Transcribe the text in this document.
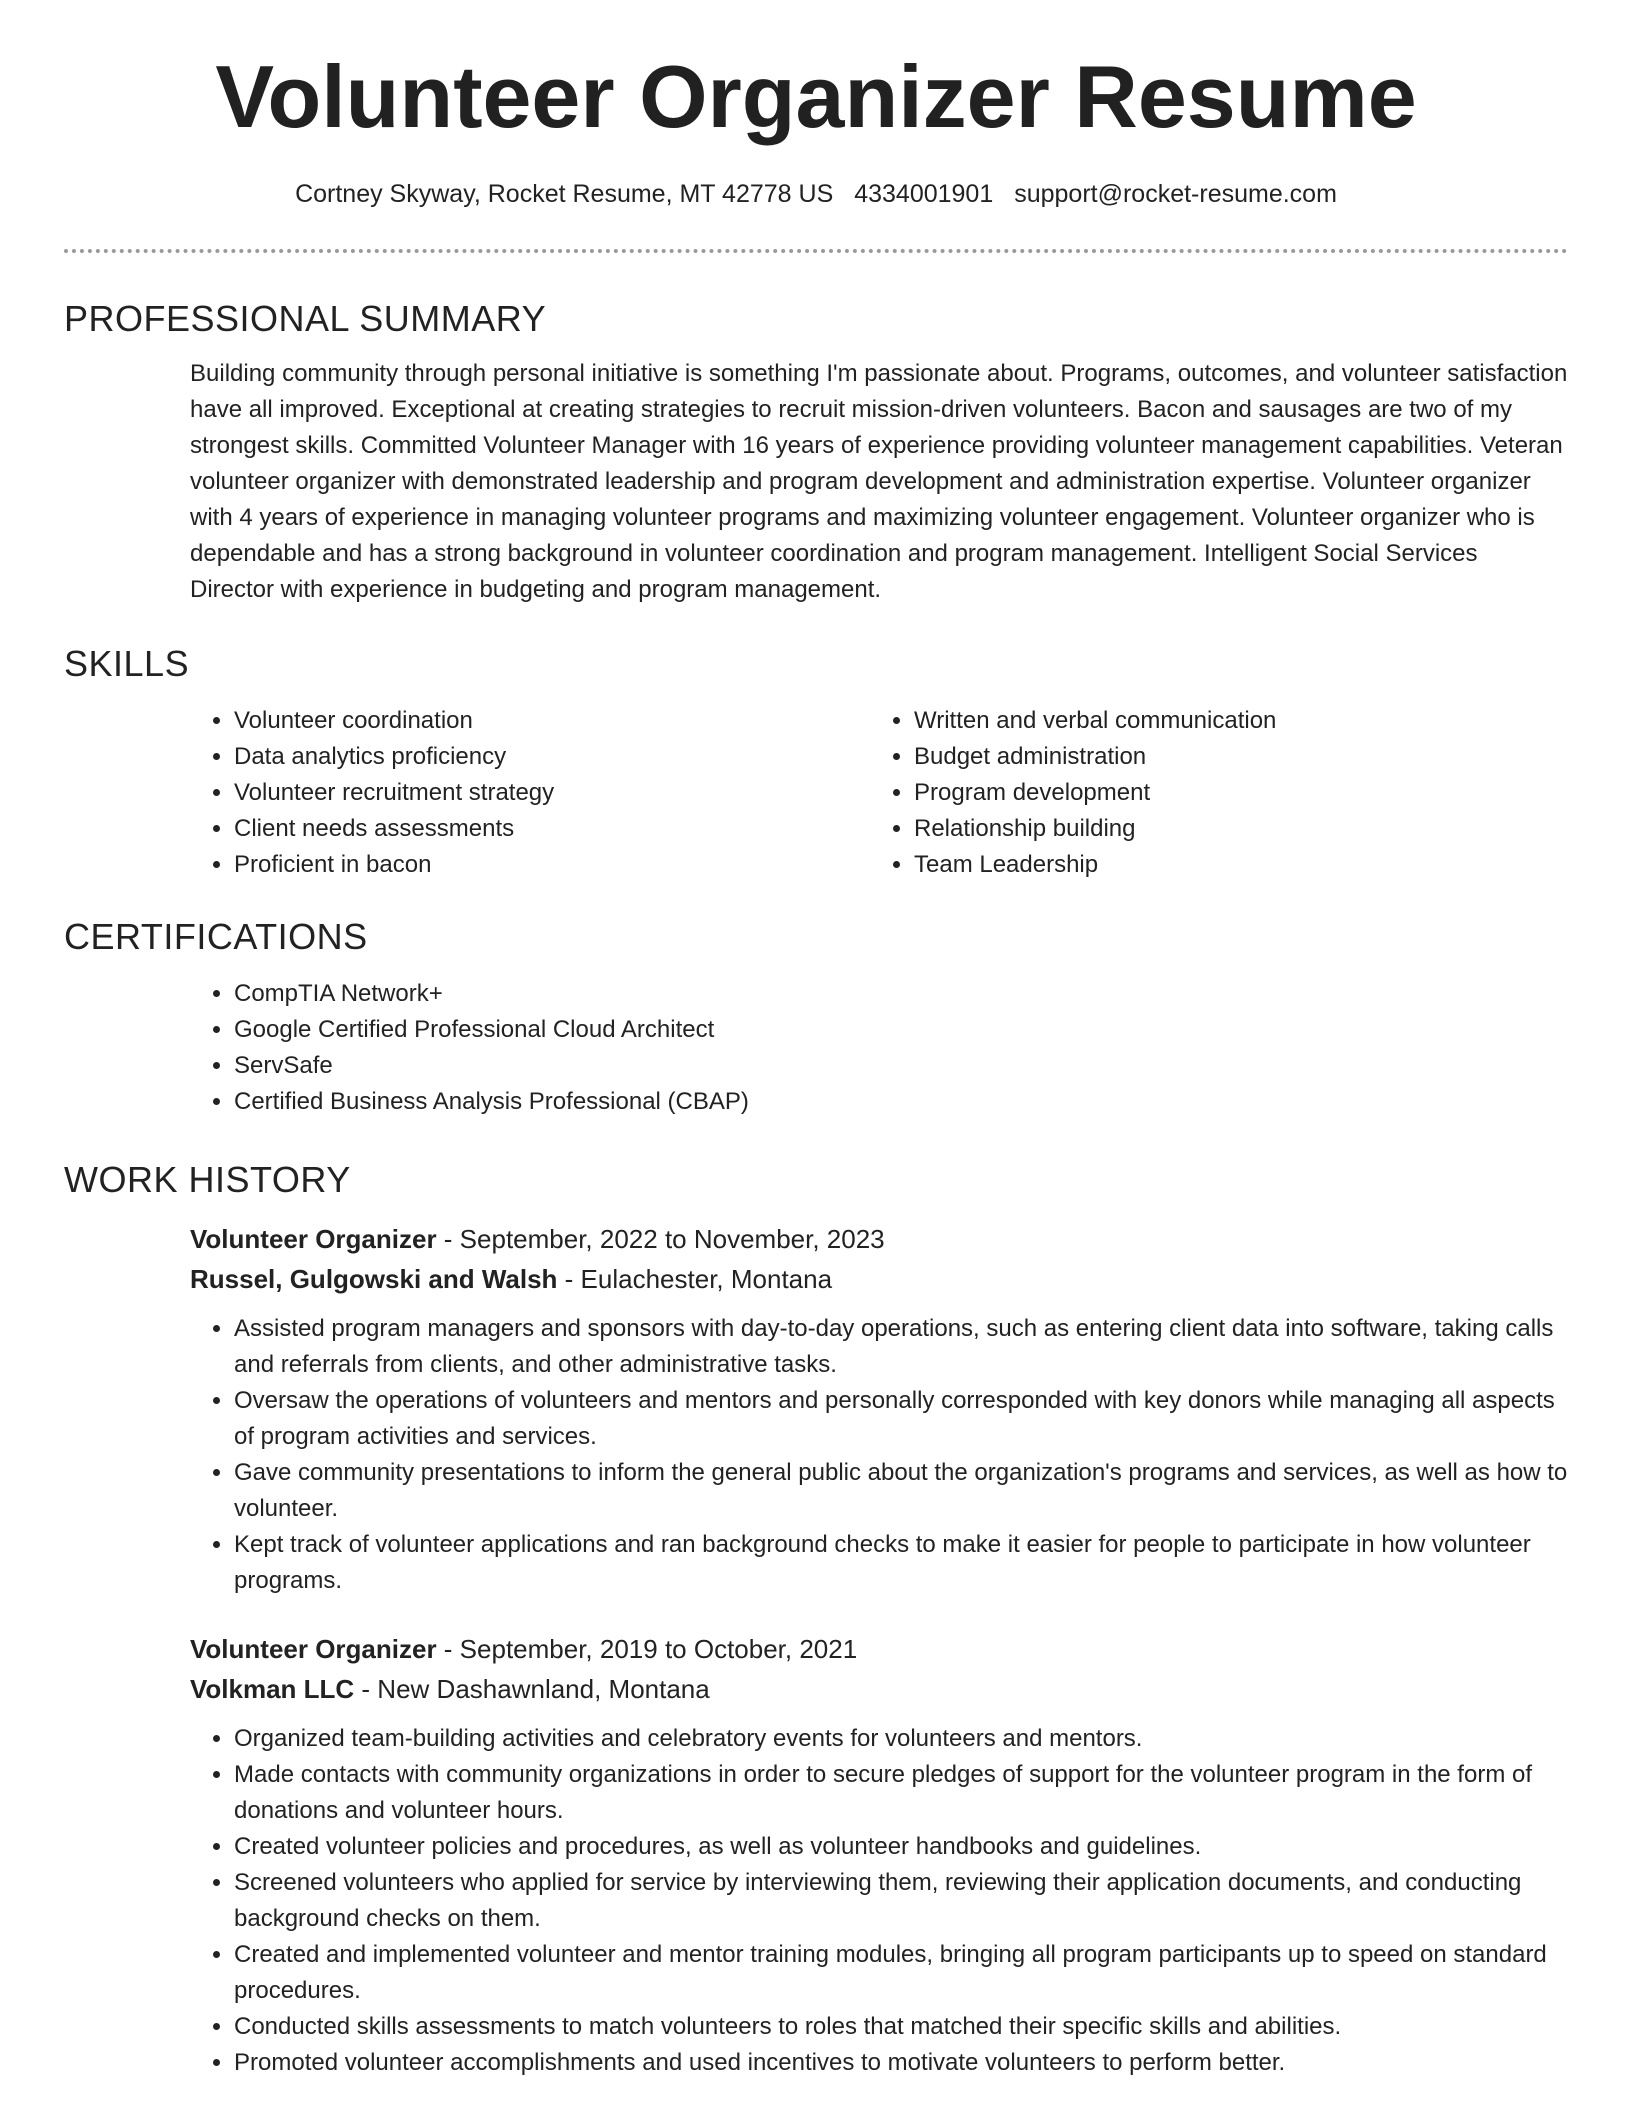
Volunteer Organizer Resume
Cortney Skyway, Rocket Resume, MT 42778 US 4334001901 support@rocket-resume.com
PROFESSIONAL SUMMARY
Building community through personal initiative is something I'm passionate about. Programs, outcomes, and volunteer satisfaction have all improved. Exceptional at creating strategies to recruit mission-driven volunteers. Bacon and sausages are two of my strongest skills. Committed Volunteer Manager with 16 years of experience providing volunteer management capabilities. Veteran volunteer organizer with demonstrated leadership and program development and administration expertise. Volunteer organizer with 4 years of experience in managing volunteer programs and maximizing volunteer engagement. Volunteer organizer who is dependable and has a strong background in volunteer coordination and program management. Intelligent Social Services Director with experience in budgeting and program management.
SKILLS
• Volunteer coordination
• Data analytics proficiency
• Volunteer recruitment strategy
• Client needs assessments
• Proficient in bacon
• Written and verbal communication
• Budget administration
• Program development
• Relationship building
• Team Leadership
CERTIFICATIONS
• CompTIA Network+
• Google Certified Professional Cloud Architect
• ServSafe
• Certified Business Analysis Professional (CBAP)
WORK HISTORY
Volunteer Organizer - September, 2022 to November, 2023
Russel, Gulgowski and Walsh - Eulachester, Montana
• Assisted program managers and sponsors with day-to-day operations, such as entering client data into software, taking calls and referrals from clients, and other administrative tasks.
• Oversaw the operations of volunteers and mentors and personally corresponded with key donors while managing all aspects of program activities and services.
• Gave community presentations to inform the general public about the organization's programs and services, as well as how to volunteer.
• Kept track of volunteer applications and ran background checks to make it easier for people to participate in how volunteer programs.
Volunteer Organizer - September, 2019 to October, 2021
Volkman LLC - New Dashawnland, Montana
• Organized team-building activities and celebratory events for volunteers and mentors.
• Made contacts with community organizations in order to secure pledges of support for the volunteer program in the form of donations and volunteer hours.
• Created volunteer policies and procedures, as well as volunteer handbooks and guidelines.
• Screened volunteers who applied for service by interviewing them, reviewing their application documents, and conducting background checks on them.
• Created and implemented volunteer and mentor training modules, bringing all program participants up to speed on standard procedures.
• Conducted skills assessments to match volunteers to roles that matched their specific skills and abilities.
• Promoted volunteer accomplishments and used incentives to motivate volunteers to perform better.
